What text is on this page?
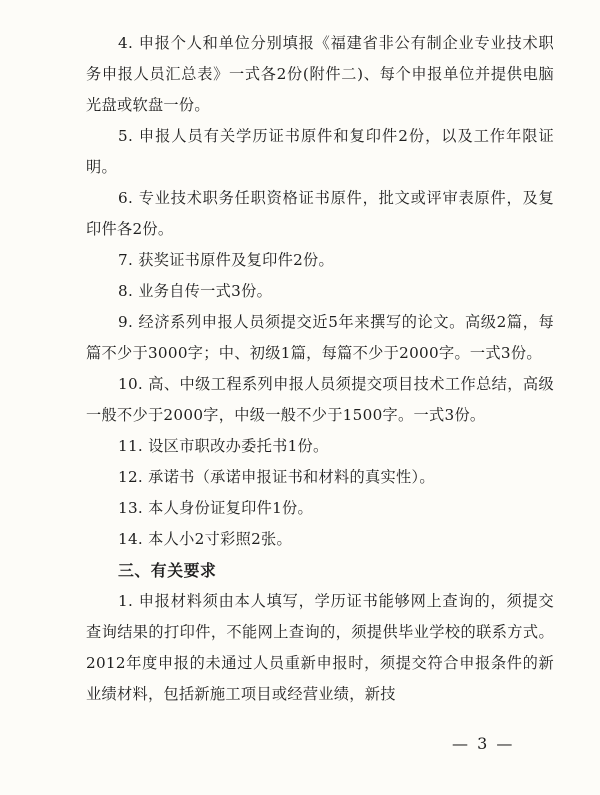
4. 申报个人和单位分别填报《福建省非公有制企业专业技术职务申报人员汇总表》一式各2份(附件二)、每个申报单位并提供电脑光盘或软盘一份。

5. 申报人员有关学历证书原件和复印件2份，以及工作年限证明。

6. 专业技术职务任职资格证书原件，批文或评审表原件，及复印件各2份。

7. 获奖证书原件及复印件2份。

8. 业务自传一式3份。

9. 经济系列申报人员须提交近5年来撰写的论文。高级2篇，每篇不少于3000字；中、初级1篇，每篇不少于2000字。一式3份。

10. 高、中级工程系列申报人员须提交项目技术工作总结，高级一般不少于2000字，中级一般不少于1500字。一式3份。

11. 设区市职改办委托书1份。

12. 承诺书（承诺申报证书和材料的真实性）。

13. 本人身份证复印件1份。

14. 本人小2寸彩照2张。

三、有关要求

1. 申报材料须由本人填写，学历证书能够网上查询的，须提交查询结果的打印件，不能网上查询的，须提供毕业学校的联系方式。2012年度申报的未通过人员重新申报时，须提交符合申报条件的新业绩材料，包括新施工项目或经营业绩，新技

— 3 —
